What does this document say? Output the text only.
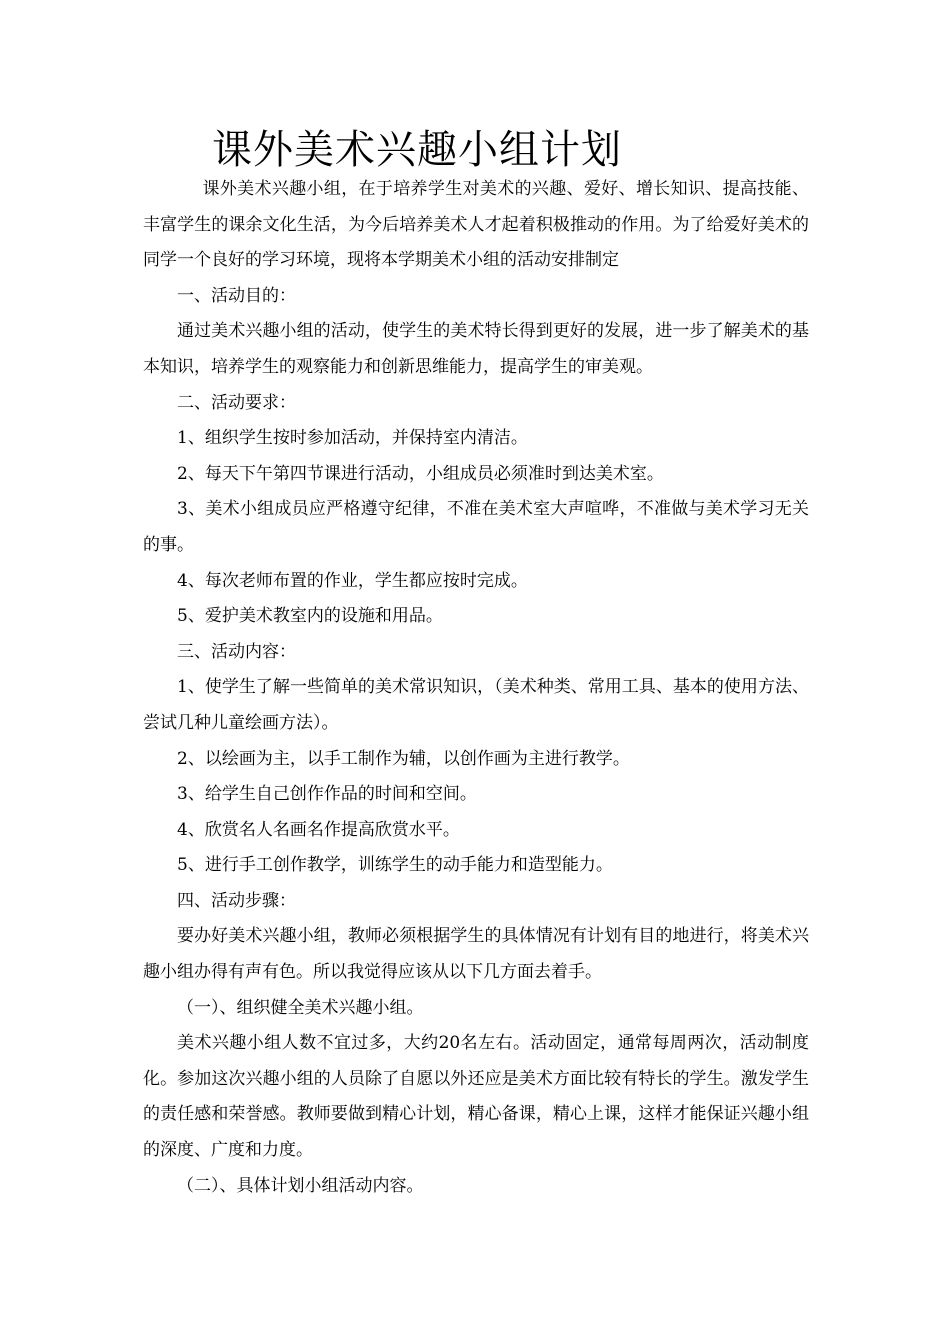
课外美术兴趣小组计划

课外美术兴趣小组，在于培养学生对美术的兴趣、爱好、增长知识、提高技能、丰富学生的课余文化生活，为今后培养美术人才起着积极推动的作用。为了给爱好美术的同学一个良好的学习环境，现将本学期美术小组的活动安排制定

一、活动目的：

通过美术兴趣小组的活动，使学生的美术特长得到更好的发展，进一步了解美术的基本知识，培养学生的观察能力和创新思维能力，提高学生的审美观。

二、活动要求：

1、组织学生按时参加活动，并保持室内清洁。

2、每天下午第四节课进行活动，小组成员必须准时到达美术室。

3、美术小组成员应严格遵守纪律，不准在美术室大声喧哗，不准做与美术学习无关的事。

4、每次老师布置的作业，学生都应按时完成。

5、爱护美术教室内的设施和用品。

三、活动内容：

1、使学生了解一些简单的美术常识知识，（美术种类、常用工具、基本的使用方法、尝试几种儿童绘画方法）。

2、以绘画为主，以手工制作为辅，以创作画为主进行教学。

3、给学生自己创作作品的时间和空间。

4、欣赏名人名画名作提高欣赏水平。

5、进行手工创作教学，训练学生的动手能力和造型能力。

四、活动步骤：

要办好美术兴趣小组，教师必须根据学生的具体情况有计划有目的地进行，将美术兴趣小组办得有声有色。所以我觉得应该从以下几方面去着手。

（一）、组织健全美术兴趣小组。

美术兴趣小组人数不宜过多，大约20名左右。活动固定，通常每周两次，活动制度化。参加这次兴趣小组的人员除了自愿以外还应是美术方面比较有特长的学生。激发学生的责任感和荣誉感。教师要做到精心计划，精心备课，精心上课，这样才能保证兴趣小组的深度、广度和力度。

（二）、具体计划小组活动内容。
